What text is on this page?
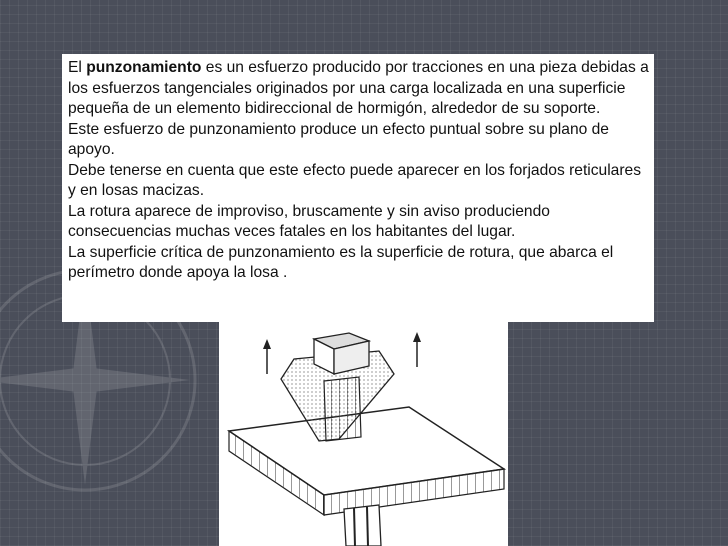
El punzonamiento es un esfuerzo producido por tracciones en una pieza debidas a los esfuerzos tangenciales originados por una carga localizada en una superficie pequeña de un elemento bidireccional de hormigón, alrededor de su soporte.
Este esfuerzo de punzonamiento produce un efecto puntual sobre su plano de apoyo.
Debe tenerse en cuenta que este efecto puede aparecer en los forjados reticulares y en losas macizas.
La rotura aparece de improviso, bruscamente y sin aviso produciendo consecuencias muchas veces fatales en los habitantes del lugar.
La superficie crítica de punzonamiento es la superficie de rotura, que abarca el perímetro donde apoya la losa .
